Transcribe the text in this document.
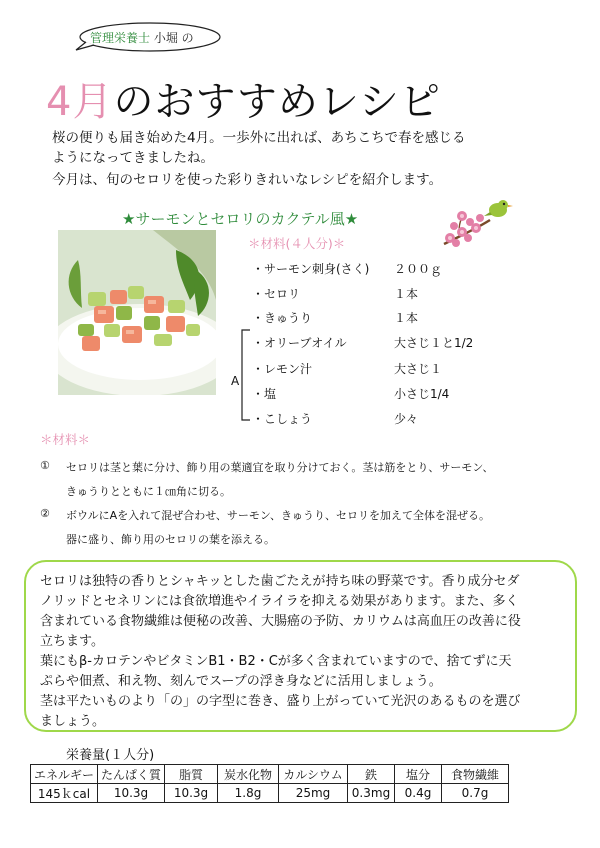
管理栄養士 小堀 の
4月のおすすめレシピ
桜の便りも届き始めた4月。一歩外に出れば、あちこちで春を感じる
ようになってきましたね。
今月は、旬のセロリを使った彩りきれいなレシピを紹介します。
★サーモンとセロリのカクテル風★
＊材料(４人分)＊
・サーモン刺身(さく) ２００ｇ
・セロリ	１本
・きゅうり	１本
A
・オリーブオイル	大さじ１と1/2
・レモン汁	大さじ１
・塩	小さじ1/4
・こしょう	少々
＊材料＊
① セロリは茎と葉に分け、飾り用の葉適宜を取り分けておく。茎は筋をとり、サーモン、
きゅうりとともに１㎝角に切る。
② ボウルにAを入れて混ぜ合わせ、サーモン、きゅうり、セロリを加えて全体を混ぜる。
器に盛り、飾り用のセロリの葉を添える。
セロリは独特の香りとシャキッとした歯ごたえが持ち味の野菜です。香り成分セダ
ノリッドとセネリンには食欲増進やイライラを抑える効果があります。また、多く
含まれている食物繊維は便秘の改善、大腸癌の予防、カリウムは高血圧の改善に役
立ちます。
葉にもβ-カロテンやビタミンB1・B2・Cが多く含まれていますので、捨てずに天
ぷらや佃煮、和え物、刻んでスープの浮き身などに活用しましょう。
茎は平たいものより「の」の字型に巻き、盛り上がっていて光沢のあるものを選び
ましょう。
栄養量(１人分)
エネルギー	たんぱく質	脂質	炭水化物	カルシウム	鉄	塩分	食物繊維
145ｋcal	10.3g	10.3g	1.8g	25mg	0.3mg	0.4g	0.7g
